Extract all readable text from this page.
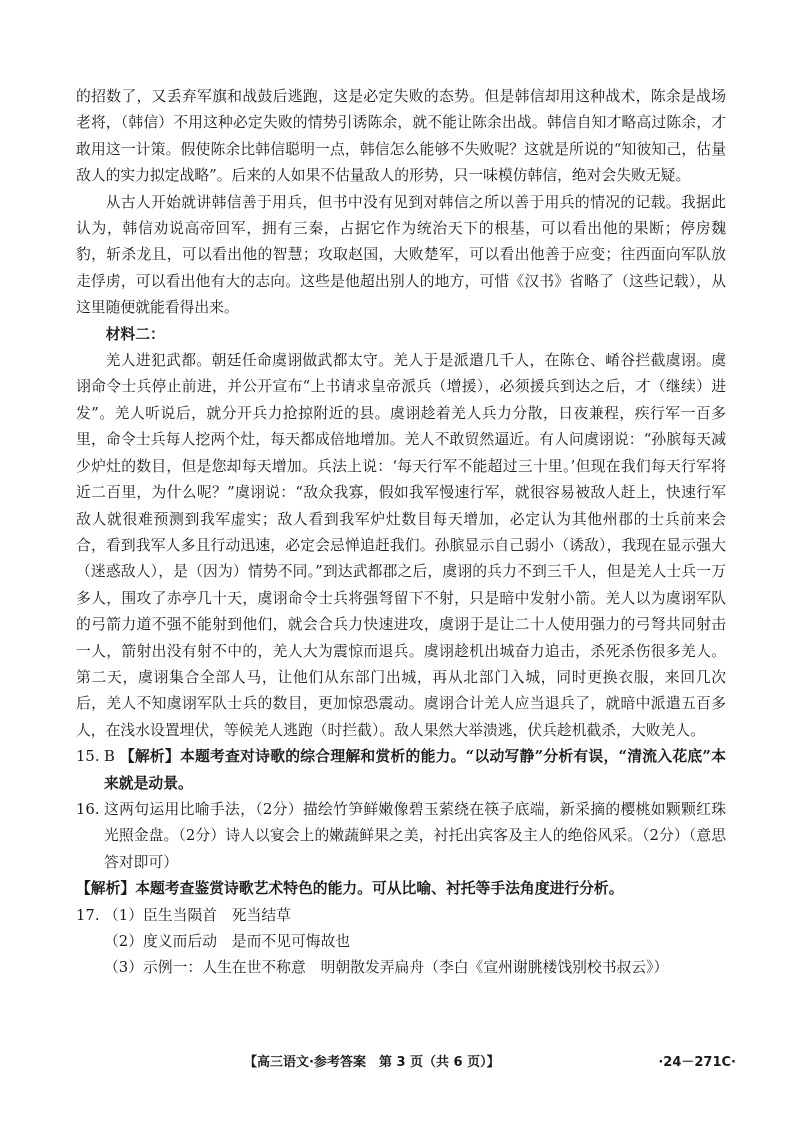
的招数了，又丢弃军旗和战鼓后逃跑，这是必定失败的态势。但是韩信却用这种战术，陈余是战场老将，（韩信）不用这种必定失败的情势引诱陈余，就不能让陈余出战。韩信自知才略高过陈余，才敢用这一计策。假使陈余比韩信聪明一点，韩信怎么能够不失败呢？这就是所说的“知彼知己，估量敌人的实力拟定战略”。后来的人如果不估量敌人的形势，只一味模仿韩信，绝对会失败无疑。

从古人开始就讲韩信善于用兵，但书中没有见到对韩信之所以善于用兵的情况的记载。我据此认为，韩信劝说高帝回军，拥有三秦，占据它作为统治天下的根基，可以看出他的果断；停房魏豹，斩杀龙且，可以看出他的智慧；攻取赵国，大败楚军，可以看出他善于应变；往西面向军队放走俘虏，可以看出他有大的志向。这些是他超出别人的地方，可惜《汉书》省略了（这些记载），从这里随便就能看得出来。

材料二：

羌人进犯武都。朝廷任命虞诩做武都太守。羌人于是派遣几千人，在陈仓、崤谷拦截虞诩。虞诩命令士兵停止前进，并公开宣布“上书请求皇帝派兵（增援），必须援兵到达之后，才（继续）进发”。羌人听说后，就分开兵力抢掠附近的县。虞诩趁着羌人兵力分散，日夜兼程，疾行军一百多里，命令士兵每人挖两个灶，每天都成倍地增加。羌人不敢贸然逼近。有人问虞诩说：“孙膑每天减少炉灶的数目，但是您却每天增加。兵法上说：‘每天行军不能超过三十里。’但现在我们每天行军将近二百里，为什么呢？”虞诩说：“敌众我寡，假如我军慢速行军，就很容易被敌人赶上，快速行军敌人就很难预测到我军虚实；敌人看到我军炉灶数目每天增加，必定认为其他州郡的士兵前来会合，看到我军人多且行动迅速，必定会忌惮追赶我们。孙膑显示自己弱小（诱敌），我现在显示强大（迷惑敌人），是（因为）情势不同。”到达武都郡之后，虞诩的兵力不到三千人，但是羌人士兵一万多人，围攻了赤亭几十天，虞诩命令士兵将强弩留下不射，只是暗中发射小箭。羌人以为虞诩军队的弓箭力道不强不能射到他们，就会合兵力快速进攻，虞诩于是让二十人使用强力的弓弩共同射击一人，箭射出没有射不中的，羌人大为震惊而退兵。虞诩趁机出城奋力追击，杀死杀伤很多羌人。第二天，虞诩集合全部人马，让他们从东部门出城，再从北部门入城，同时更换衣服，来回几次后，羌人不知虞诩军队士兵的数目，更加惊恐震动。虞诩合计羌人应当退兵了，就暗中派遣五百多人，在浅水设置埋伏，等候羌人逃跑（时拦截）。敌人果然大举溃逃，伏兵趁机截杀，大败羌人。

15. B 【解析】本题考查对诗歌的综合理解和赏析的能力。“以动写静”分析有误，“清流入花底”本来就是动景。

16. 这两句运用比喻手法，（2分）描绘竹笋鲜嫩像碧玉萦绕在筷子底端，新采摘的樱桃如颗颗红珠光照金盘。（2分）诗人以宴会上的嫩蔬鲜果之美，衬托出宾客及主人的绝俗风采。（2分）（意思答对即可）

【解析】本题考查鉴赏诗歌艺术特色的能力。可从比喻、衬托等手法角度进行分析。

17. （1）臣生当陨首　死当结草

（2）度义而后动　是而不见可悔故也

（3）示例一：人生在世不称意　明朝散发弄扁舟（李白《宣州谢朓楼饯别校书叔云》）

【高三语文·参考答案　第 3 页（共 6 页）】	·24－271C·
